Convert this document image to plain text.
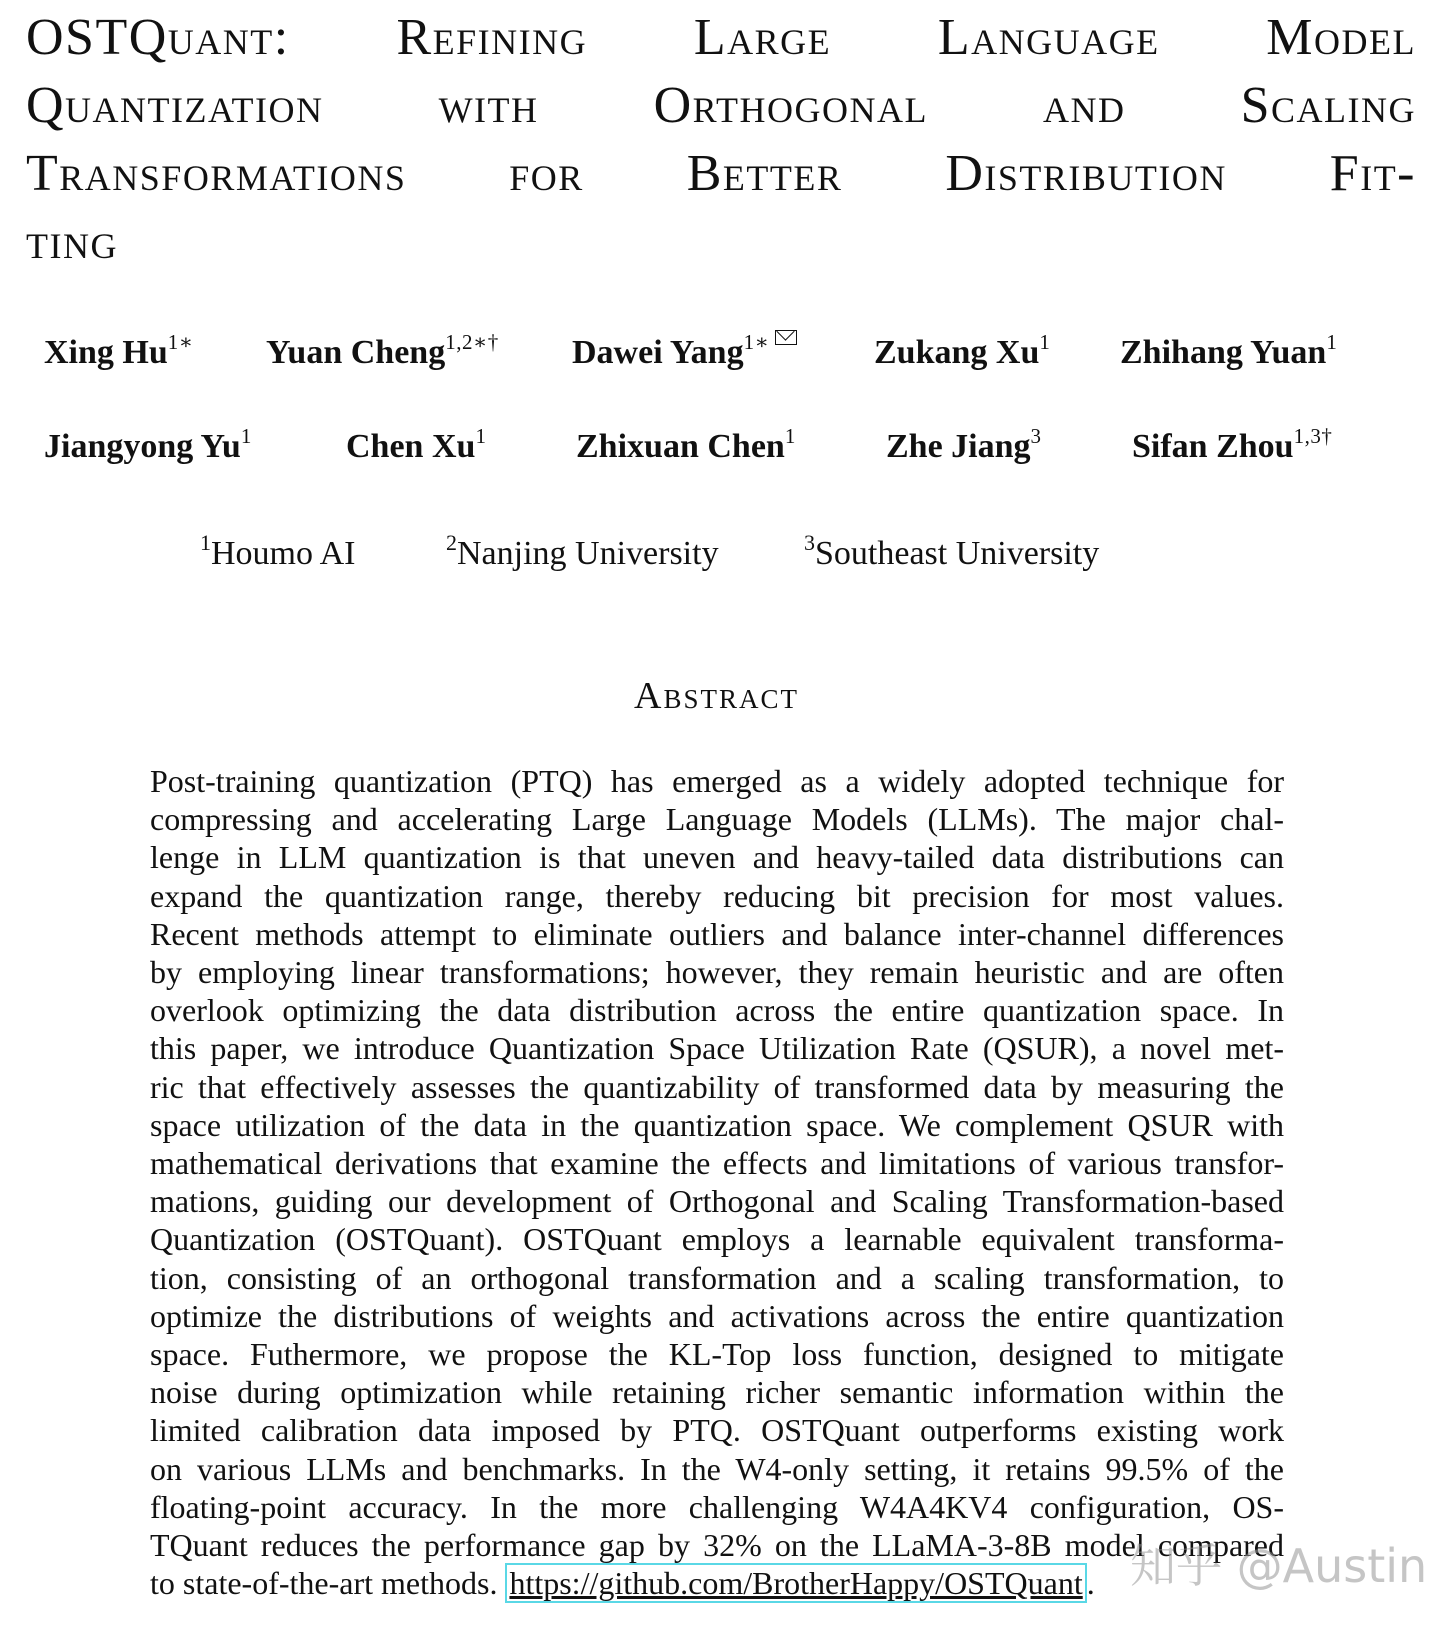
OSTQuant: Refining Large Language Model
Quantization with Orthogonal and Scaling
Transformations for Better Distribution Fit-
ting
Xing $Hu^{1∗}$ Yuan Cheng$^{1,2∗\dagger}$ Dawei Yang$^{1∗}$	Zukang Xu$^1$ Zhihang Yuan$^1$
Jiangyong Yu$^1$	Chen Xu$^1$	Zhixuan Chen$^1$	Zhe Jiang$^3$	Sifan Zhou$^{1,3\dagger}$
$^1$Houmo AI	$^2$Nanjing University	$^3$Southeast University
Abstract
Post-training quantization (PTQ) has emerged as a widely adopted technique for
compressing and accelerating Large Language Models (LLMs). The major chal-
lenge in LLM quantization is that uneven and heavy-tailed data distributions can
expand the quantization range, thereby reducing bit precision for most values.
Recent methods attempt to eliminate outliers and balance inter-channel differences
by employing linear transformations; however, they remain heuristic and are often
overlook optimizing the data distribution across the entire quantization space. In
this paper, we introduce Quantization Space Utilization Rate (QSUR), a novel met-
ric that effectively assesses the quantizability of transformed data by measuring the
space utilization of the data in the quantization space. We complement QSUR with
mathematical derivations that examine the effects and limitations of various transfor-
mations, guiding our development of Orthogonal and Scaling Transformation-based
Quantization (OSTQuant). OSTQuant employs a learnable equivalent transforma-
tion, consisting of an orthogonal transformation and a scaling transformation, to
optimize the distributions of weights and activations across the entire quantization
space. Futhermore, we propose the KL-Top loss function, designed to mitigate
noise during optimization while retaining richer semantic information within the
limited calibration data imposed by PTQ. OSTQuant outperforms existing work
on various LLMs and benchmarks. In the W4-only setting, it retains 99.5% of the
floating-point accuracy. In the more challenging W4A4KV4 configuration, OS-
TQuant reduces the performance gap by 32% on the LLaMA-3-8B model compared
to state-of-the-art methods. https://github.com/BrotherHappy/OSTQuant . 知乎 @Austin
